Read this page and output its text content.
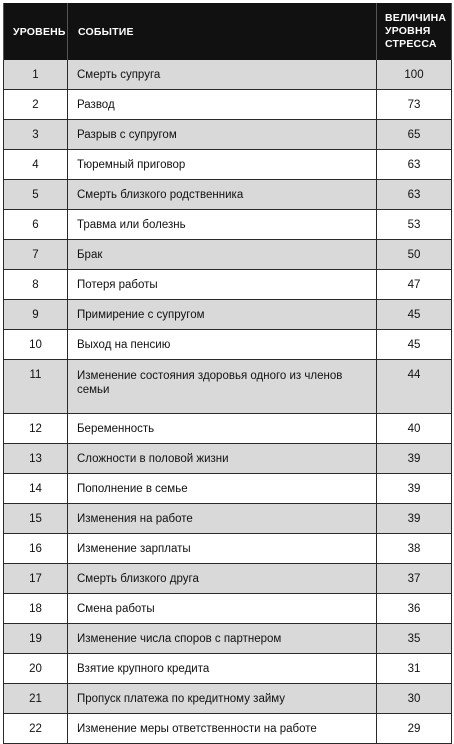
УРОВЕНЬ	СОБЫТИЕ	ВЕЛИЧИНА
УРОВНЯ
СТРЕССА
1	Смерть супруга	100
2	Развод	73
3	Разрыв с супругом	65
4	Тюремный приговор	63
5	Смерть близкого родственника	63
6	Травма или болезнь	53
7	Брак	50
8	Потеря работы	47
9	Примирение с супругом	45
10	Выход на пенсию	45
11	Изменение состояния здоровья одного из членов семьи	44
12	Беременность	40
13	Сложности в половой жизни	39
14	Пополнение в семье	39
15	Изменения на работе	39
16	Изменение зарплаты	38
17	Смерть близкого друга	37
18	Смена работы	36
19	Изменение числа споров с партнером	35
20	Взятие крупного кредита	31
21	Пропуск платежа по кредитному займу	30
22	Изменение меры ответственности на работе	29
